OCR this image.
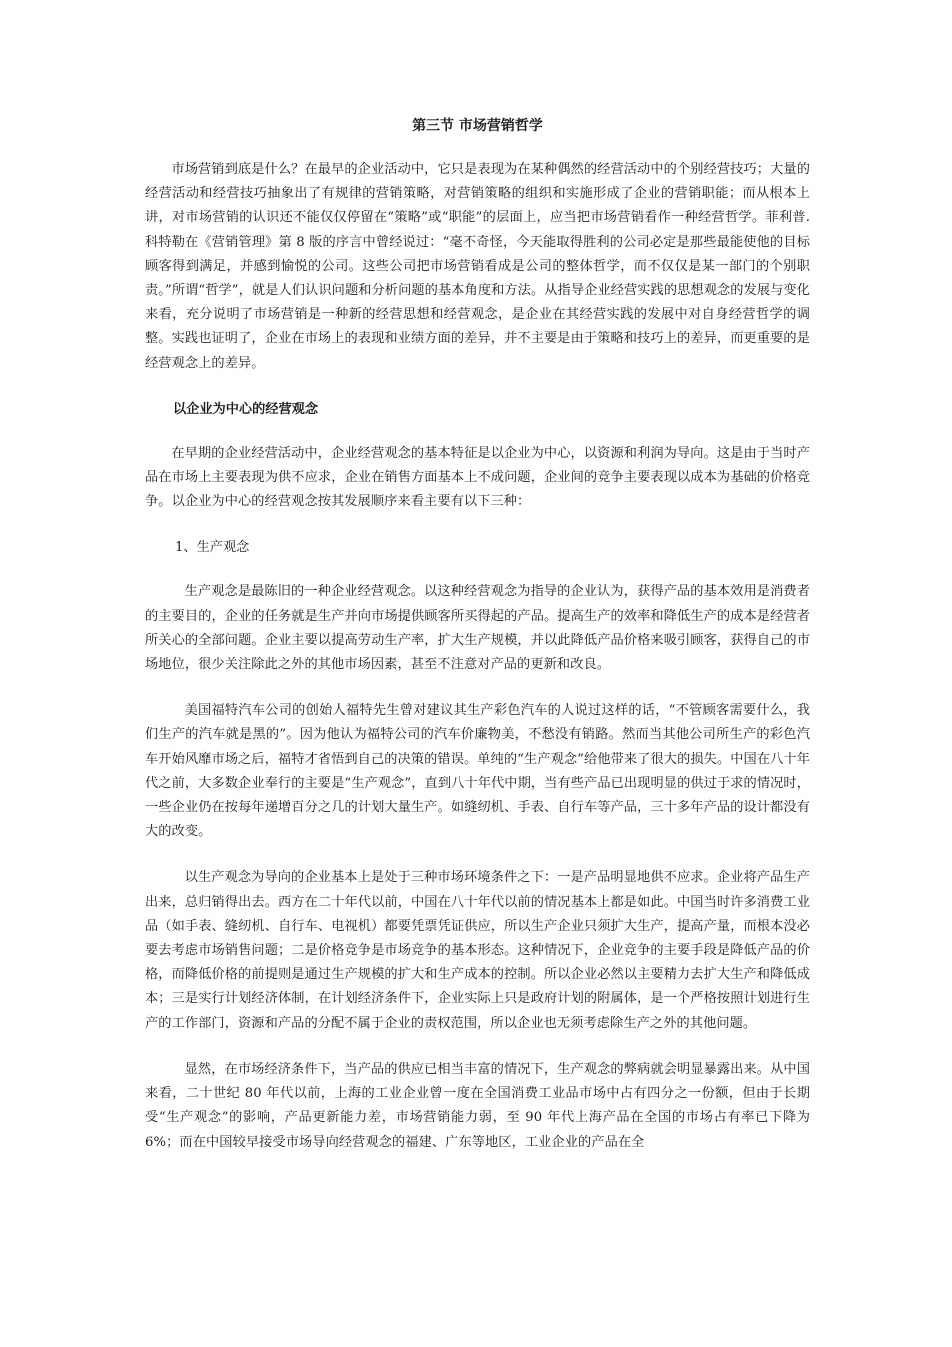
第三节 市场营销哲学

市场营销到底是什么？在最早的企业活动中，它只是表现为在某种偶然的经营活动中的个别经营技巧；大量的经营活动和经营技巧抽象出了有规律的营销策略，对营销策略的组织和实施形成了企业的营销职能；而从根本上讲，对市场营销的认识还不能仅仅停留在“策略”或“职能”的层面上，应当把市场营销看作一种经营哲学。菲利普.科特勒在《营销管理》第 8 版的序言中曾经说过：“毫不奇怪，今天能取得胜利的公司必定是那些最能使他的目标顾客得到满足，并感到愉悦的公司。这些公司把市场营销看成是公司的整体哲学，而不仅仅是某一部门的个别职责。”所谓“哲学”，就是人们认识问题和分析问题的基本角度和方法。从指导企业经营实践的思想观念的发展与变化来看，充分说明了市场营销是一种新的经营思想和经营观念，是企业在其经营实践的发展中对自身经营哲学的调整。实践也证明了，企业在市场上的表现和业绩方面的差异，并不主要是由于策略和技巧上的差异，而更重要的是经营观念上的差异。

以企业为中心的经营观念

在早期的企业经营活动中，企业经营观念的基本特征是以企业为中心，以资源和利润为导向。这是由于当时产品在市场上主要表现为供不应求，企业在销售方面基本上不成问题，企业间的竞争主要表现以成本为基础的价格竞争。以企业为中心的经营观念按其发展顺序来看主要有以下三种：

1、生产观念

生产观念是最陈旧的一种企业经营观念。以这种经营观念为指导的企业认为，获得产品的基本效用是消费者的主要目的，企业的任务就是生产并向市场提供顾客所买得起的产品。提高生产的效率和降低生产的成本是经营者所关心的全部问题。企业主要以提高劳动生产率，扩大生产规模，并以此降低产品价格来吸引顾客，获得自己的市场地位，很少关注除此之外的其他市场因素，甚至不注意对产品的更新和改良。

美国福特汽车公司的创始人福特先生曾对建议其生产彩色汽车的人说过这样的话，“不管顾客需要什么，我们生产的汽车就是黑的”。因为他认为福特公司的汽车价廉物美，不愁没有销路。然而当其他公司所生产的彩色汽车开始风靡市场之后，福特才省悟到自己的决策的错误。单纯的“生产观念”给他带来了很大的损失。中国在八十年代之前，大多数企业奉行的主要是“生产观念”，直到八十年代中期，当有些产品已出现明显的供过于求的情况时，一些企业仍在按每年递增百分之几的计划大量生产。如缝纫机、手表、自行车等产品，三十多年产品的设计都没有大的改变。

以生产观念为导向的企业基本上是处于三种市场环境条件之下：一是产品明显地供不应求。企业将产品生产出来，总归销得出去。西方在二十年代以前，中国在八十年代以前的情况基本上都是如此。中国当时许多消费工业品（如手表、缝纫机、自行车、电视机）都要凭票凭证供应，所以生产企业只须扩大生产，提高产量，而根本没必要去考虑市场销售问题；二是价格竞争是市场竞争的基本形态。这种情况下，企业竞争的主要手段是降低产品的价格，而降低价格的前提则是通过生产规模的扩大和生产成本的控制。所以企业必然以主要精力去扩大生产和降低成本；三是实行计划经济体制，在计划经济条件下，企业实际上只是政府计划的附属体，是一个严格按照计划进行生产的工作部门，资源和产品的分配不属于企业的责权范围，所以企业也无须考虑除生产之外的其他问题。

显然，在市场经济条件下，当产品的供应已相当丰富的情况下，生产观念的弊病就会明显暴露出来。从中国来看，二十世纪 80 年代以前，上海的工业企业曾一度在全国消费工业品市场中占有四分之一份额，但由于长期受“生产观念”的影响，产品更新能力差，市场营销能力弱，至 90 年代上海产品在全国的市场占有率已下降为 6%；而在中国较早接受市场导向经营观念的福建、广东等地区，工业企业的产品在全
